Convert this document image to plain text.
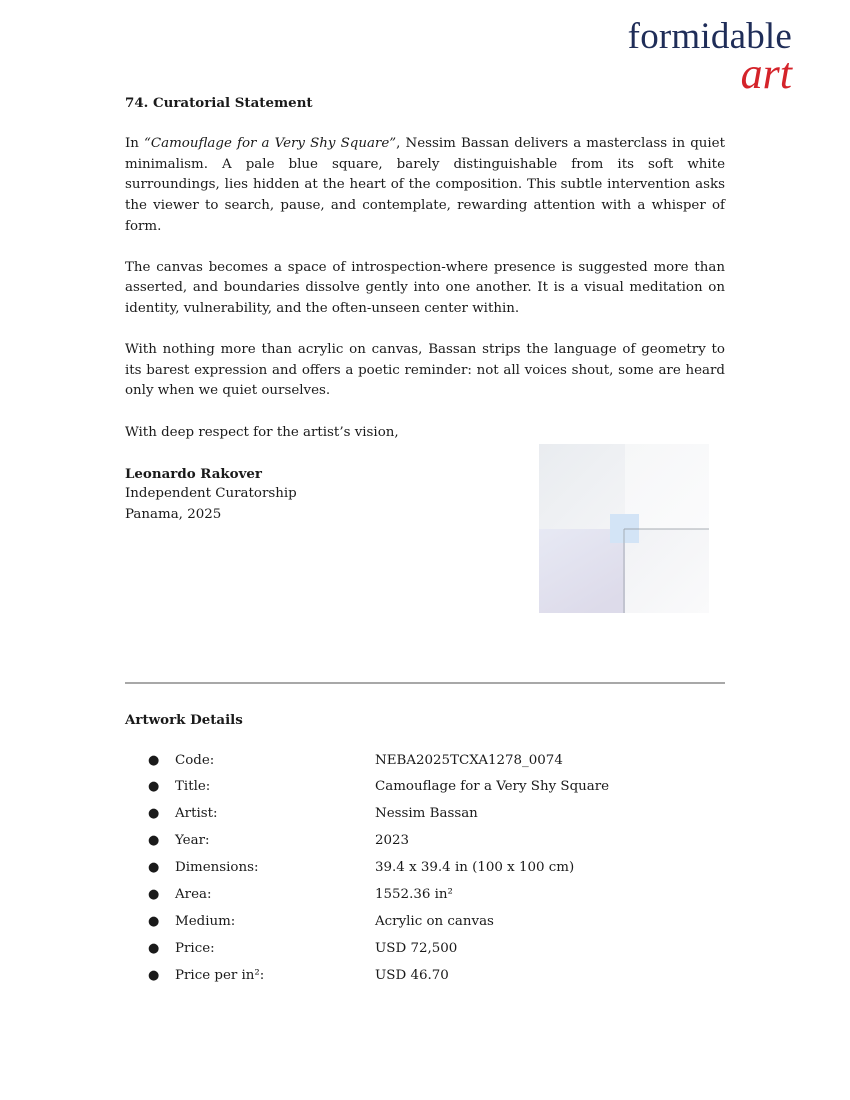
formidable
art

74. Curatorial Statement

In “Camouflage for a Very Shy Square”, Nessim Bassan delivers a masterclass in quiet minimalism. A pale blue square, barely distinguishable from its soft white surroundings, lies hidden at the heart of the composition. This subtle intervention asks the viewer to search, pause, and contemplate, rewarding attention with a whisper of form.

The canvas becomes a space of introspection-where presence is suggested more than asserted, and boundaries dissolve gently into one another. It is a visual meditation on identity, vulnerability, and the often-unseen center within.

With nothing more than acrylic on canvas, Bassan strips the language of geometry to its barest expression and offers a poetic reminder: not all voices shout, some are heard only when we quiet ourselves.

With deep respect for the artist’s vision,

Leonardo Rakover
Independent Curatorship
Panama, 2025

Artwork Details

● Code:	NEBA2025TCXA1278_0074
● Title:	Camouflage for a Very Shy Square
● Artist:	Nessim Bassan
● Year:	2023
● Dimensions:	39.4 x 39.4 in (100 x 100 cm)
● Area:	1552.36 in²
● Medium:	Acrylic on canvas
● Price:	USD 72,500
● Price per in²:	USD 46.70
